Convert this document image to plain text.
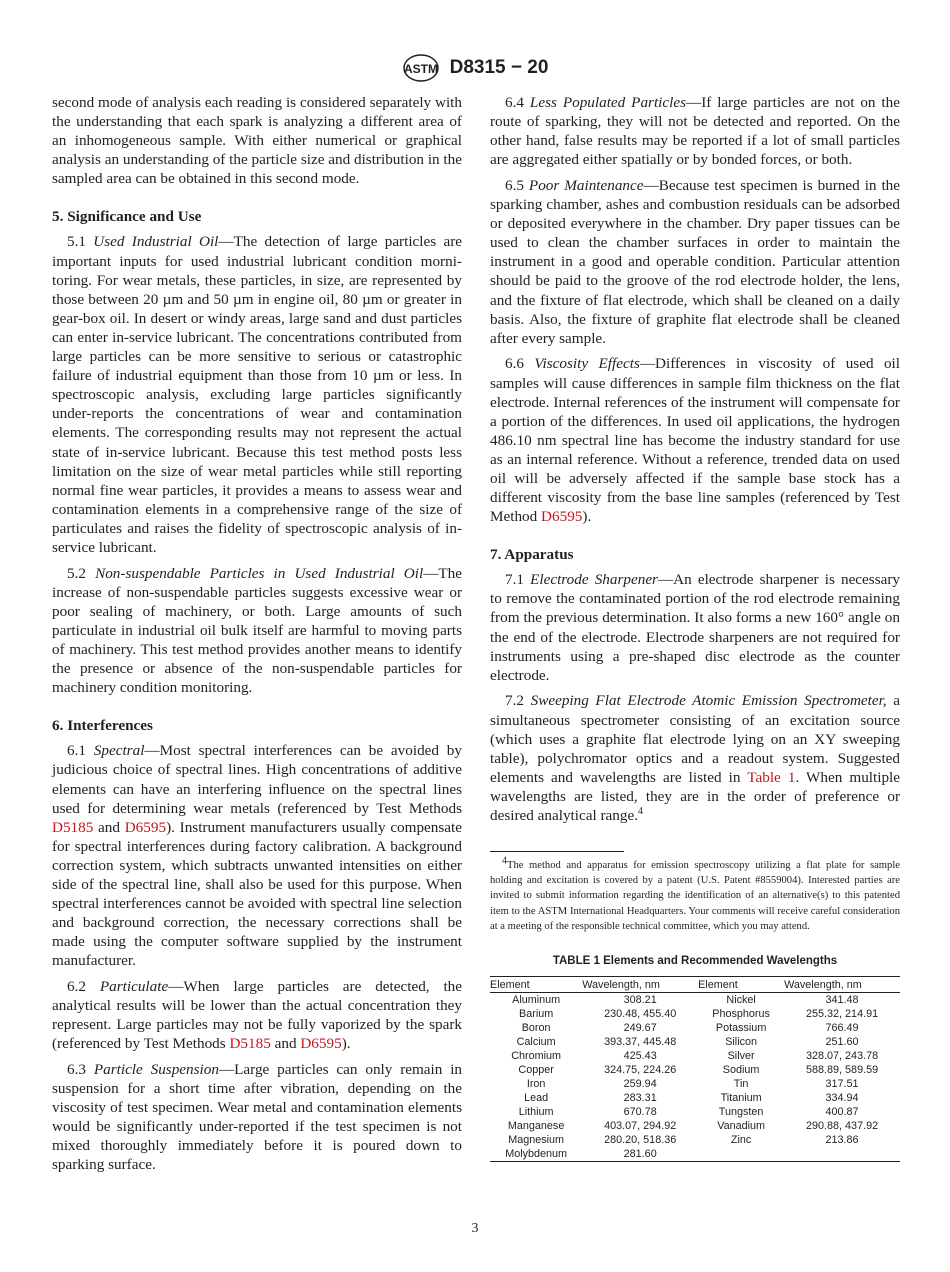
ASTM D8315 − 20

second mode of analysis each reading is considered separately with the understanding that each spark is analyzing a different area of an inhomogeneous sample. With either numerical or graphical analysis an understanding of the particle size and distribution in the sampled area can be obtained in this second mode.

5. Significance and Use

5.1 Used Industrial Oil—The detection of large particles are important inputs for used industrial lubricant condition morni-toring. For wear metals, these particles, in size, are represented by those between 20 µm and 50 µm in engine oil, 80 µm or greater in gear-box oil. In desert or windy areas, large sand and dust particles can enter in-service lubricant. The concentrations contributed from large particles can be more sensitive to serious or catastrophic failure of industrial equipment than those from 10 µm or less. In spectroscopic analysis, excluding large particles significantly under-reports the concentrations of wear and contamination elements. The corresponding results may not represent the actual state of in-service lubricant. Because this test method posts less limitation on the size of wear metal particles while still reporting normal fine wear particles, it provides a means to assess wear and contamination elements in a comprehensive range of the size of particulates and raises the fidelity of spectroscopic analysis of in-service lubricant.

5.2 Non-suspendable Particles in Used Industrial Oil—The increase of non-suspendable particles suggests excessive wear or poor sealing of machinery, or both. Large amounts of such particulate in industrial oil bulk itself are harmful to moving parts of machinery. This test method provides another means to identify the presence or absence of the non-suspendable particles for machinery condition monitoring.

6. Interferences

6.1 Spectral—Most spectral interferences can be avoided by judicious choice of spectral lines. High concentrations of additive elements can have an interfering influence on the spectral lines used for determining wear metals (referenced by Test Methods D5185 and D6595). Instrument manufacturers usually compensate for spectral interferences during factory calibration. A background correction system, which subtracts unwanted intensities on either side of the spectral line, shall also be used for this purpose. When spectral interferences cannot be avoided with spectral line selection and background correction, the necessary corrections shall be made using the computer software supplied by the instrument manufacturer.

6.2 Particulate—When large particles are detected, the analytical results will be lower than the actual concentration they represent. Large particles may not be fully vaporized by the spark (referenced by Test Methods D5185 and D6595).

6.3 Particle Suspension—Large particles can only remain in suspension for a short time after vibration, depending on the viscosity of test specimen. Wear metal and contamination elements would be significantly under-reported if the test specimen is not mixed thoroughly immediately before it is poured down to sparking surface.

6.4 Less Populated Particles—If large particles are not on the route of sparking, they will not be detected and reported. On the other hand, false results may be reported if a lot of small particles are aggregated either spatially or by bonded forces, or both.

6.5 Poor Maintenance—Because test specimen is burned in the sparking chamber, ashes and combustion residuals can be adsorbed or deposited everywhere in the chamber. Dry paper tissues can be used to clean the chamber surfaces in order to maintain the instrument in a good and operable condition. Particular attention should be paid to the groove of the rod electrode holder, the lens, and the fixture of flat electrode, which shall be cleaned on a daily basis. Also, the fixture of graphite flat electrode shall be cleaned after every sample.

6.6 Viscosity Effects—Differences in viscosity of used oil samples will cause differences in sample film thickness on the flat electrode. Internal references of the instrument will compensate for a portion of the differences. In used oil applications, the hydrogen 486.10 nm spectral line has become the industry standard for use as an internal reference. Without a reference, trended data on used oil will be adversely affected if the sample base stock has a different viscosity from the base line samples (referenced by Test Method D6595).

7. Apparatus

7.1 Electrode Sharpener—An electrode sharpener is necessary to remove the contaminated portion of the rod electrode remaining from the previous determination. It also forms a new 160° angle on the end of the electrode. Electrode sharpeners are not required for instruments using a pre-shaped disc electrode as the counter electrode.

7.2 Sweeping Flat Electrode Atomic Emission Spectrometer, a simultaneous spectrometer consisting of an excitation source (which uses a graphite flat electrode lying on an XY sweeping table), polychromator optics and a readout system. Suggested elements and wavelengths are listed in Table 1. When multiple wavelengths are listed, they are in the order of preference or desired analytical range.$^4$

$^4$The method and apparatus for emission spectroscopy utilizing a flat plate for sample holding and excitation is covered by a patent (U.S. Patent #8559004). Interested parties are invited to submit information regarding the identification of an alternative(s) to this patented item to the ASTM International Headquarters. Your comments will receive careful consideration at a meeting of the responsible technical committee, which you may attend.

TABLE 1 Elements and Recommended Wavelengths
Element	Wavelength, nm	Element	Wavelength, nm
Aluminum	308.21	Nickel	341.48
Barium	230.48, 455.40	Phosphorus	255.32, 214.91
Boron	249.67	Potassium	766.49
Calcium	393.37, 445.48	Silicon	251.60
Chromium	425.43	Silver	328.07, 243.78
Copper	324.75, 224.26	Sodium	588.89, 589.59
Iron	259.94	Tin	317.51
Lead	283.31	Titanium	334.94
Lithium	670.78	Tungsten	400.87
Manganese	403.07, 294.92	Vanadium	290.88, 437.92
Magnesium	280.20, 518.36	Zinc	213.86
Molybdenum	281.60		
3
